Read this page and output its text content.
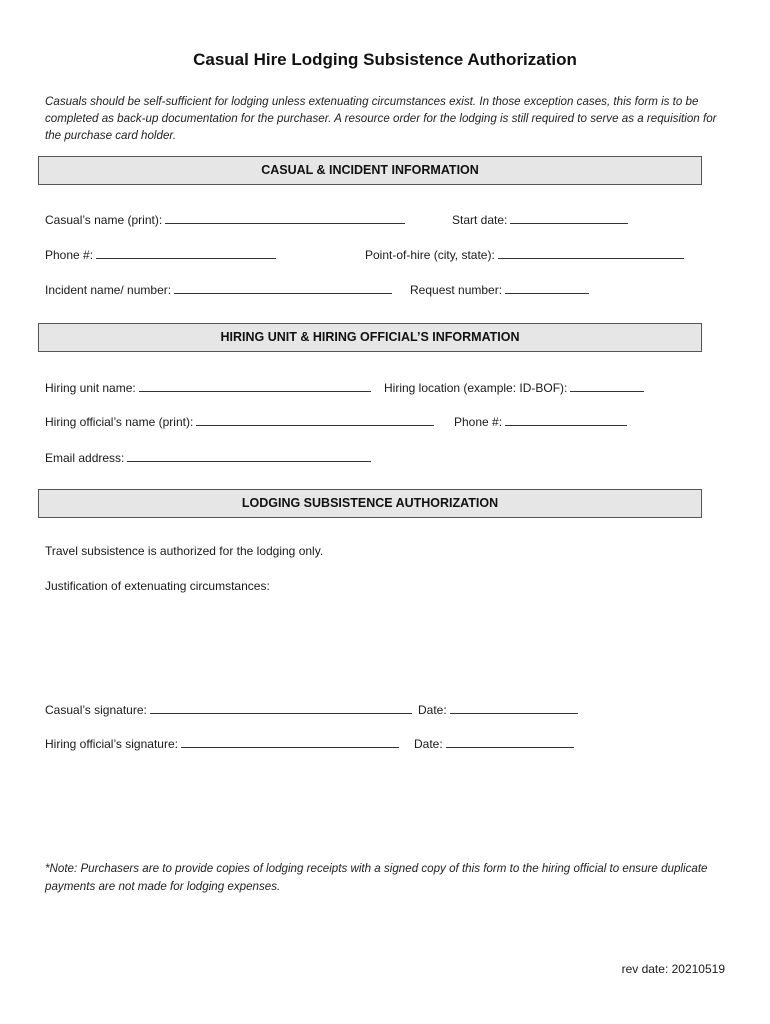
Casual Hire Lodging Subsistence Authorization
Casuals should be self-sufficient for lodging unless extenuating circumstances exist. In those exception cases, this form is to be completed as back-up documentation for the purchaser. A resource order for the lodging is still required to serve as a requisition for the purchase card holder.
CASUAL & INCIDENT INFORMATION
Casual’s name (print):	Start date:
Phone #:	Point-of-hire (city, state):
Incident name/ number:	Request number:
HIRING UNIT & HIRING OFFICIAL’S INFORMATION
Hiring unit name:	Hiring location (example: ID-BOF):
Hiring official’s name (print):	Phone #:
Email address:
LODGING SUBSISTENCE AUTHORIZATION
Travel subsistence is authorized for the lodging only.
Justification of extenuating circumstances:
Casual’s signature:	Date:
Hiring official’s signature:	Date:
*Note: Purchasers are to provide copies of lodging receipts with a signed copy of this form to the hiring official to ensure duplicate payments are not made for lodging expenses.
rev date: 20210519
